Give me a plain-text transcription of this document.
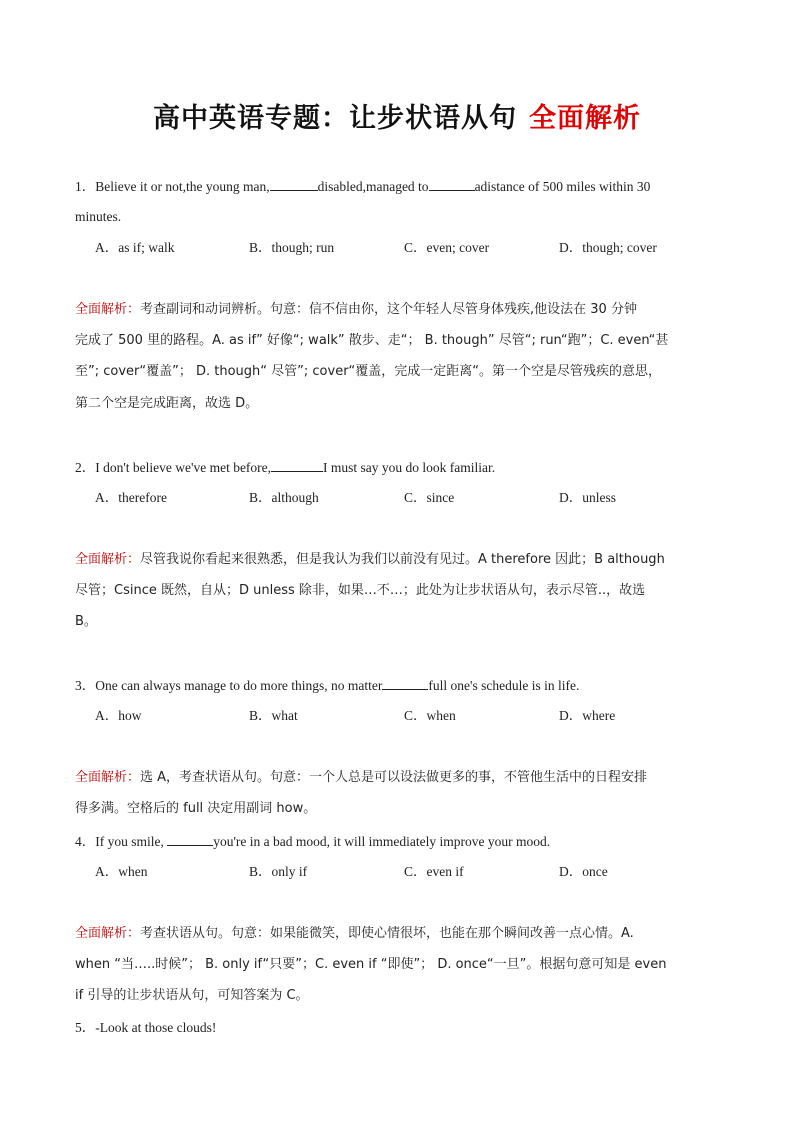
高中英语专题：让步状语从句 全面解析
1．Believe it or not,the young man,	disabled,managed to	adistance of 500 miles within 30
minutes.
A．as if; walk	B．though; run	C．even; cover	D．though; cover
全面解析：考查副词和动词辨析。句意：信不信由你，这个年轻人尽管身体残疾,他设法在 30 分钟
完成了 500 里的路程。A. as if” 好像“; walk” 散步、走“； B. though” 尽管“; run“跑”；C. even“甚
至”; cover“覆盖”； D. though“ 尽管”; cover“覆盖，完成一定距离“。第一个空是尽管残疾的意思，
第二个空是完成距离，故选 D。
2．I don't believe we've met before,	I must say you do look familiar.
A．therefore	B．although	C．since	D．unless
全面解析：尽管我说你看起来很熟悉，但是我认为我们以前没有见过。A therefore 因此；B although
尽管；Csince 既然，自从；D unless 除非，如果…不…；此处为让步状语从句，表示尽管..，故选
B。
3．One can always manage to do more things, no matter	full one's schedule is in life.
A．how	B．what	C．when	D．where
全面解析：选 A，考查状语从句。句意：一个人总是可以设法做更多的事，不管他生活中的日程安排
得多满。空格后的 full 决定用副词 how。
4．If you smile,	you're in a bad mood, it will immediately improve your mood.
A．when	B．only if	C．even if	D．once
全面解析：考查状语从句。句意：如果能微笑，即使心情很坏，也能在那个瞬间改善一点心情。A.
when “当…..时候”； B. only if“只要”；C. even if “即使”； D. once“一旦”。根据句意可知是 even
if 引导的让步状语从句，可知答案为 C。
5．-Look at those clouds!
